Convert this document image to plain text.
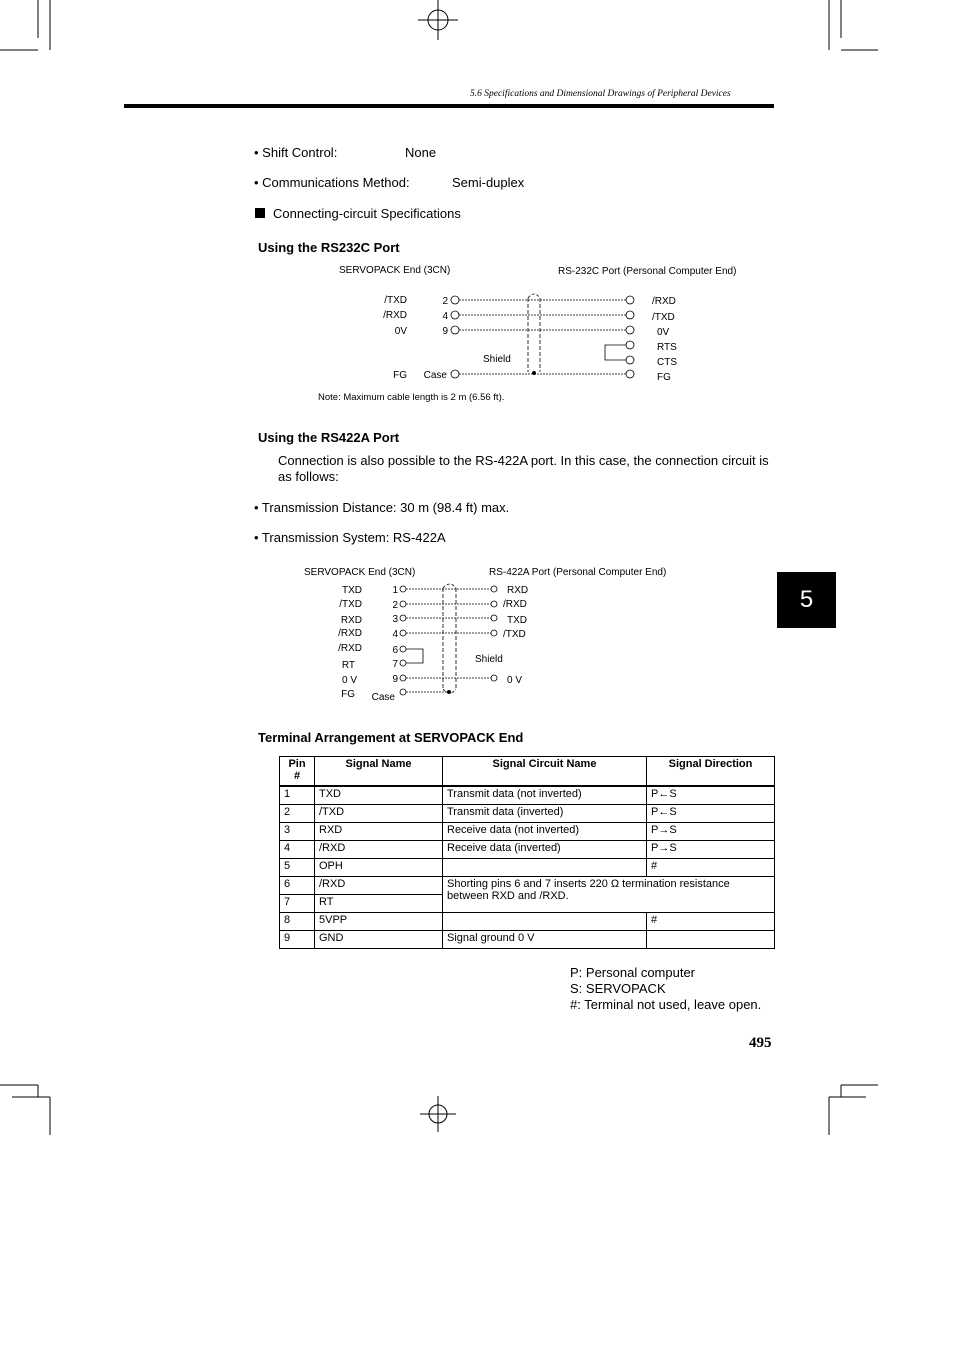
5.6 Specifications and Dimensional Drawings of Peripheral Devices
5
• Shift Control:	None
• Communications Method:	Semi-duplex
Connecting-circuit Specifications
Using the RS232C Port
SERVOPACK End (3CN)	RS-232C Port (Personal Computer End)
/TXD
/RXD
0V
FG
2
4
9
Case
Shield
/RXD
/TXD
0V
RTS
CTS
FG
Note: Maximum cable length is 2 m (6.56 ft).
Using the RS422A Port
Connection is also possible to the RS-422A port. In this case, the connection circuit is as follows:
• Transmission Distance: 30 m (98.4 ft) max.
• Transmission System: RS-422A
SERVOPACK End (3CN)	RS-422A Port (Personal Computer End)
TXD
/TXD
RXD
/RXD
/RXD
RT
0 V
FG
1
2
3
4
6
7
9
Case
Shield
RXD
/RXD
TXD
/TXD
0 V
Terminal Arrangement at SERVOPACK End
Pin #	Signal Name	Signal Circuit Name	Signal Direction
1	TXD	Transmit data (not inverted)	P←S
2	/TXD	Transmit data (inverted)	P←S
3	RXD	Receive data (not inverted)	P→S
4	/RXD	Receive data (inverted)	P→S
5	OPH		#
6	/RXD	Shorting pins 6 and 7 inserts 220 Ω termination resistance between RXD and /RXD.	
7	RT		
8	5VPP		#
9	GND	Signal ground 0 V	
P: Personal computer
S: SERVOPACK
#: Terminal not used, leave open.
495
